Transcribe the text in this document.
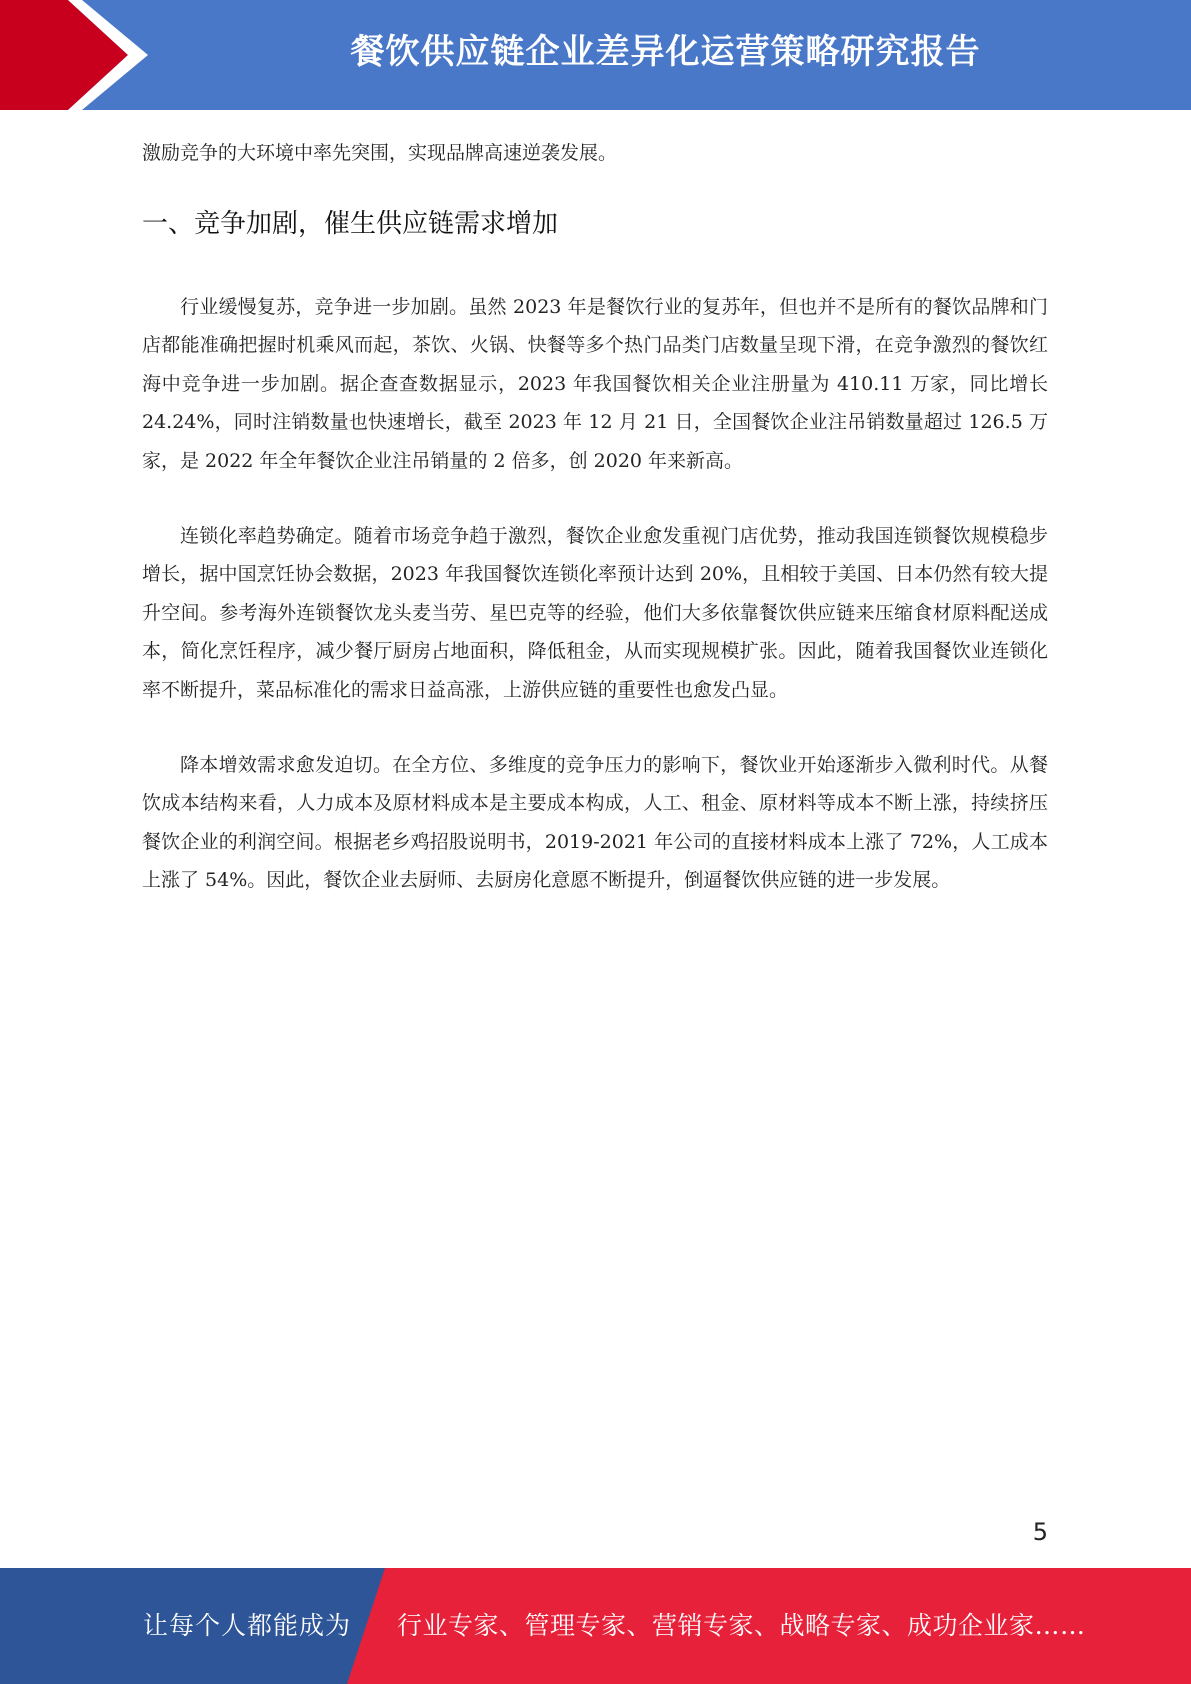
餐饮供应链企业差异化运营策略研究报告

激励竞争的大环境中率先突围，实现品牌高速逆袭发展。

一、竞争加剧，催生供应链需求增加

行业缓慢复苏，竞争进一步加剧。虽然 2023 年是餐饮行业的复苏年，但也并不是所有的餐饮品牌和门店都能准确把握时机乘风而起，茶饮、火锅、快餐等多个热门品类门店数量呈现下滑，在竞争激烈的餐饮红海中竞争进一步加剧。据企查查数据显示，2023 年我国餐饮相关企业注册量为 410.11 万家，同比增长 24.24%，同时注销数量也快速增长，截至 2023 年 12 月 21 日，全国餐饮企业注吊销数量超过 126.5 万家，是 2022 年全年餐饮企业注吊销量的 2 倍多，创 2020 年来新高。

连锁化率趋势确定。随着市场竞争趋于激烈，餐饮企业愈发重视门店优势，推动我国连锁餐饮规模稳步增长，据中国烹饪协会数据，2023 年我国餐饮连锁化率预计达到 20%，且相较于美国、日本仍然有较大提升空间。参考海外连锁餐饮龙头麦当劳、星巴克等的经验，他们大多依靠餐饮供应链来压缩食材原料配送成本，简化烹饪程序，减少餐厅厨房占地面积，降低租金，从而实现规模扩张。因此，随着我国餐饮业连锁化率不断提升，菜品标准化的需求日益高涨，上游供应链的重要性也愈发凸显。

降本增效需求愈发迫切。在全方位、多维度的竞争压力的影响下，餐饮业开始逐渐步入微利时代。从餐饮成本结构来看，人力成本及原材料成本是主要成本构成，人工、租金、原材料等成本不断上涨，持续挤压餐饮企业的利润空间。根据老乡鸡招股说明书，2019-2021 年公司的直接材料成本上涨了 72%，人工成本上涨了 54%。因此，餐饮企业去厨师、去厨房化意愿不断提升，倒逼餐饮供应链的进一步发展。

5
让每个人都能成为 行业专家、管理专家、营销专家、战略专家、成功企业家……
